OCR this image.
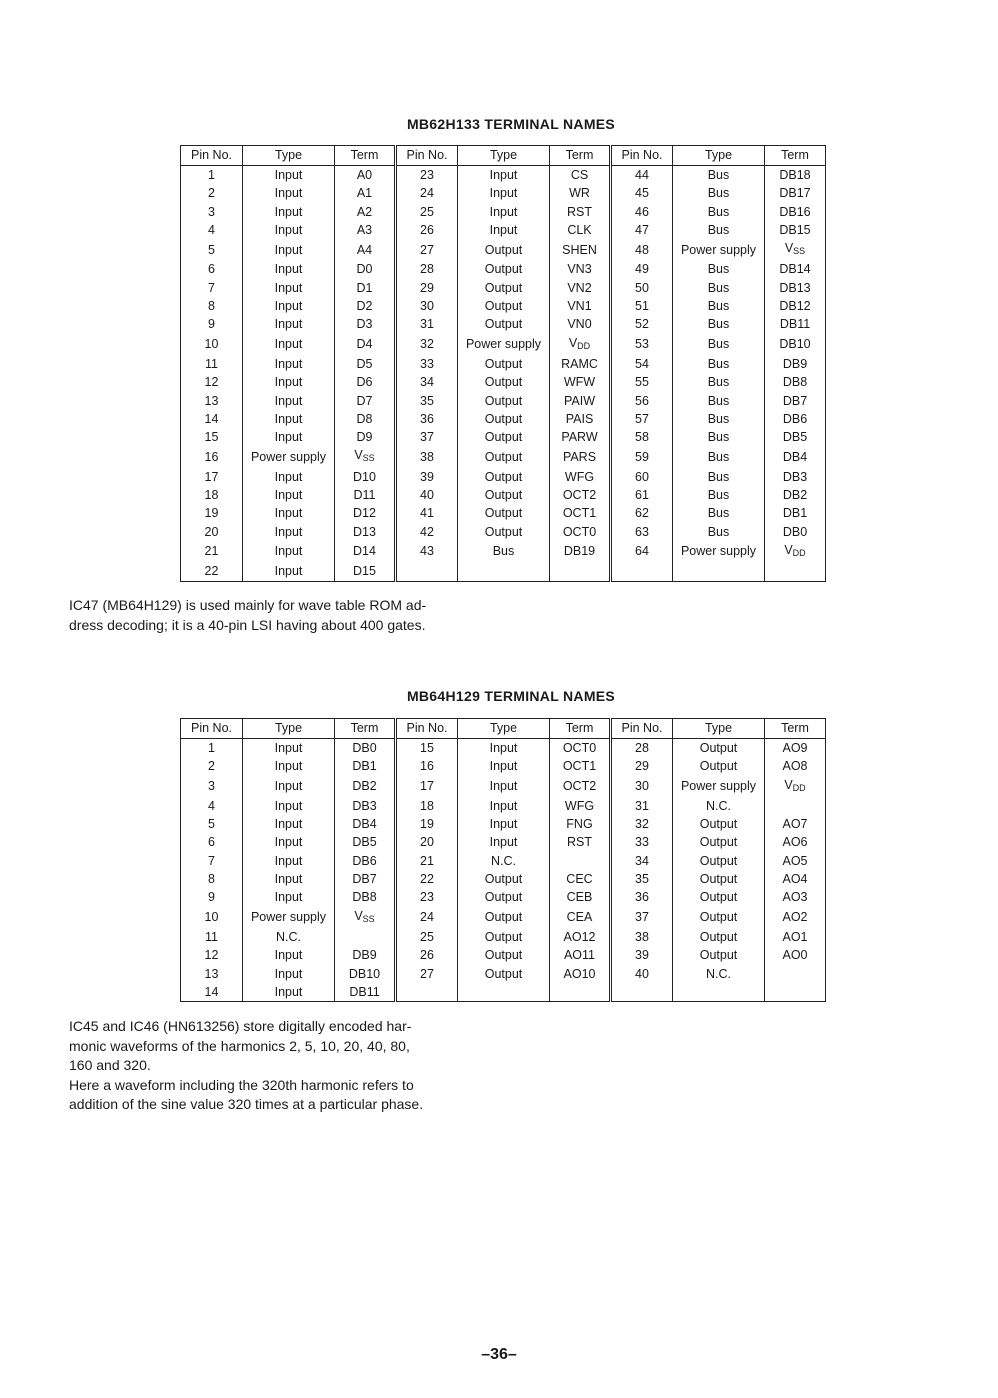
MB62H133 TERMINAL NAMES
Pin No.	Type	Term	Pin No.	Type	Term	Pin No.	Type	Term
1	Input	A0	23	Input	CS	44	Bus	DB18
2	Input	A1	24	Input	WR	45	Bus	DB17
3	Input	A2	25	Input	RST	46	Bus	DB16
4	Input	A3	26	Input	CLK	47	Bus	DB15
5	Input	A4	27	Output	SHEN	48	Power supply	$V_{SS}$
6	Input	D0	28	Output	VN3	49	Bus	DB14
7	Input	D1	29	Output	VN2	50	Bus	DB13
8	Input	D2	30	Output	VN1	51	Bus	DB12
9	Input	D3	31	Output	VN0	52	Bus	DB11
10	Input	D4	32	Power supply	$V_{DD}$	53	Bus	DB10
11	Input	D5	33	Output	RAMC	54	Bus	DB9
12	Input	D6	34	Output	WFW	55	Bus	DB8
13	Input	D7	35	Output	PAIW	56	Bus	DB7
14	Input	D8	36	Output	PAIS	57	Bus	DB6
15	Input	D9	37	Output	PARW	58	Bus	DB5
16	Power supply	$V_{SS}$	38	Output	PARS	59	Bus	DB4
17	Input	D10	39	Output	WFG	60	Bus	DB3
18	Input	D11	40	Output	OCT2	61	Bus	DB2
19	Input	D12	41	Output	OCT1	62	Bus	DB1
20	Input	D13	42	Output	OCT0	63	Bus	DB0
21	Input	D14	43	Bus	DB19	64	Power supply	$V_{DD}$
22	Input	D15						

IC47 (MB64H129) is used mainly for wave table ROM ad-

dress decoding; it is a 40-pin LSI having about 400 gates.

MB64H129 TERMINAL NAMES
Pin No.	Type	Term	Pin No.	Type	Term	Pin No.	Type	Term
1	Input	DB0	15	Input	OCT0	28	Output	AO9
2	Input	DB1	16	Input	OCT1	29	Output	AO8
3	Input	DB2	17	Input	OCT2	30	Power supply	$V_{DD}$
4	Input	DB3	18	Input	WFG	31	N.C.	
5	Input	DB4	19	Input	FNG	32	Output	AO7
6	Input	DB5	20	Input	RST	33	Output	AO6
7	Input	DB6	21	N.C.		34	Output	AO5
8	Input	DB7	22	Output	CEC	35	Output	AO4
9	Input	DB8	23	Output	CEB	36	Output	AO3
10	Power supply	$V_{SS}$	24	Output	CEA	37	Output	AO2
11	N.C.		25	Output	AO12	38	Output	AO1
12	Input	DB9	26	Output	AO11	39	Output	AO0
13	Input	DB10	27	Output	AO10	40	N.C.	
14	Input	DB11						

IC45 and IC46 (HN613256) store digitally encoded har-

monic waveforms of the harmonics 2, 5, 10, 20, 40, 80,

160 and 320.

Here a waveform including the 320th harmonic refers to

addition of the sine value 320 times at a particular phase.

–36–
